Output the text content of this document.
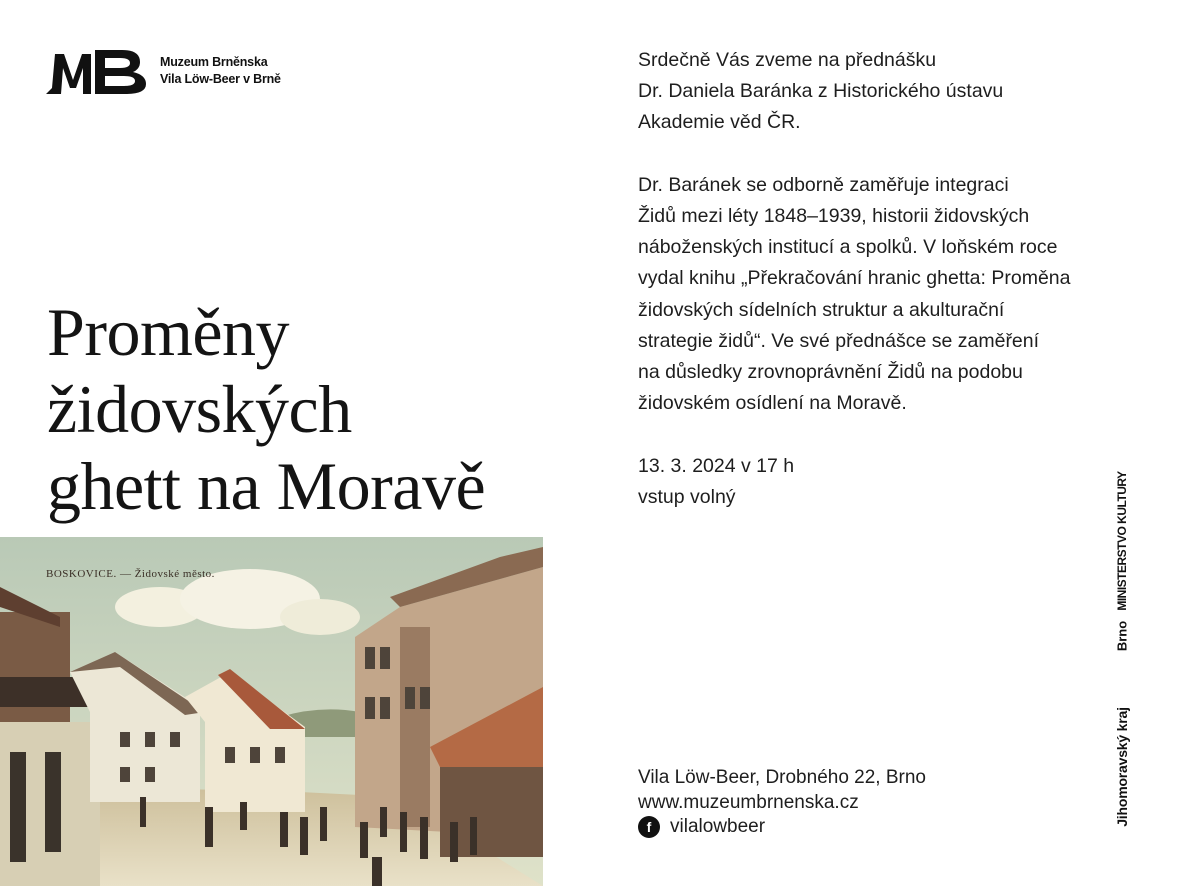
Muzeum Brněnska
Vila Löw-Beer v Brně
Proměny
židovských
ghett na Moravě
BOSKOVICE. — Židovské město.
Srdečně Vás zveme na přednášku
Dr. Daniela Baránka z Historického ústavu
Akademie věd ČR.
Dr. Baránek se odborně zaměřuje integraci
Židů mezi léty 1848–1939, historii židovských
náboženských institucí a spolků. V loňském roce
vydal knihu „Překračování hranic ghetta: Proměna
židovských sídelních struktur a akulturační
strategie židů“. Ve své přednášce se zaměření
na důsledky zrovnoprávnění Židů na podobu
židovském osídlení na Moravě.
13. 3. 2024 v 17 h
vstup volný
Vila Löw-Beer, Drobného 22, Brno
www.muzeumbrnenska.cz
f vilalowbeer
MINISTERSTVO KULTURY
Brno
Jihomoravský kraj
